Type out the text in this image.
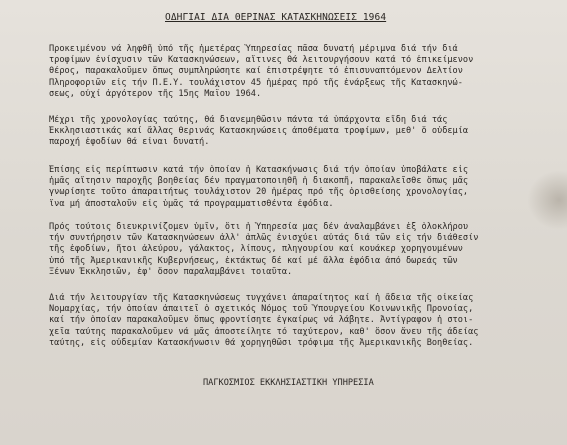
ΟΔΗΓΙΑΙ ΔΙΑ ΘΕΡΙΝΑΣ ΚΑΤΑΣΚΗΝΩΣΕΙΣ 1964
Προκειμένου νά ληφθῆ ὑπό τῆς ἡμετέρας Ὑπηρεσίας πᾶσα δυνατή μέριμνα διά τήν διά
τροφίμων ἐνίσχυσιν τῶν Κατασκηνώσεων, αἵτινες θά λειτουργήσουν κατά τό ἐπικείμενον
θέρος, παρακαλοῦμεν ὅπως συμπληρώσητε καί ἐπιστρέψητε τό ἐπισυναπτόμενον Δελτίον
Πληροφοριῶν εἰς τήν Π.Ε.Υ. τουλάχιστον 45 ἡμέρας πρό τῆς ἐνάρξεως τῆς Κατασκηνώ-
σεως, οὐχί ἀργότερον τῆς 15ης Μαΐου 1964.
Μέχρι τῆς χρονολογίας ταύτης, θά διανεμηθῶσιν πάντα τά ὑπάρχοντα εἴδη διά τάς
Ἐκκλησιαστικάς καί ἄλλας θερινάς Κατασκηνώσεις ἀποθέματα τροφίμων, μεθ' ὅ οὐδεμία
παροχή ἐφοδίων θά εἶναι δυνατή.
Ἐπίσης εἰς περίπτωσιν κατά τήν ὁποίαν ἡ Κατασκήνωσις διά τήν ὁποίαν ὑποβάλατε εἰς
ἡμᾶς αἴτησιν παροχῆς βοηθείας δέν πραγματοποιηθῆ ἡ διακοπῆ, παρακαλεῖσθε ὅπως μᾶς
γνωρίσητε τοῦτο ἀπαραιτήτως τουλάχιστον 20 ἡμέρας πρό τῆς ὁρισθείσης χρονολογίας,
ἵνα μή ἀποσταλοῦν εἰς ὑμᾶς τά προγραμματισθέντα ἐφόδια.
Πρός τούτοις διευκρινίζομεν ὑμῖν, ὅτι ἡ Ὑπηρεσία μας δέν ἀναλαμβάνει ἐξ ὁλοκλήρου
τήν συντήρησιν τῶν Κατασκηνώσεων ἀλλ' ἁπλῶς ἐνισχύει αὐτάς διά τῶν εἰς τήν διάθεσίν
τῆς ἐφοδίων, ἤτοι ἀλεύρου, γάλακτος, λίπους, πληγουρίου καί κουάκερ χορηγουμένων
ὑπό τῆς Ἀμερικανικῆς Κυβερνήσεως, ἐκτάκτως δέ καί μέ ἄλλα ἐφόδια ἀπό δωρεάς τῶν
Ξένων Ἐκκλησιῶν, ἐφ' ὅσον παραλαμβάνει τοιαῦτα.
Διά τήν λειτουργίαν τῆς Κατασκηνώσεως τυγχάνει ἀπαραίτητος καί ἡ ἄδεια τῆς οἰκείας
Νομαρχίας, τήν ὁποίαν ἀπαιτεῖ ὁ σχετικός Νόμος τοῦ Ὑπουργείου Κοινωνικῆς Προνοίας,
καί τήν ὁποίαν παρακαλοῦμεν ὅπως φροντίσητε ἐγκαίρως νά λάβητε. Ἀντίγραφον ἡ στοι-
χεῖα ταύτης παρακαλοῦμεν νά μᾶς ἀποστείλητε τό ταχύτερον, καθ' ὅσον ἄνευ τῆς ἀδείας
ταύτης, εἰς οὐδεμίαν Κατασκήνωσιν θά χορηγηθῶσι τρόφιμα τῆς Ἀμερικανικῆς Βοηθείας.
ΠΑΓΚΟΣΜΙΟΣ ΕΚΚΛΗΣΙΑΣΤΙΚΗ ΥΠΗΡΕΣΙΑ
